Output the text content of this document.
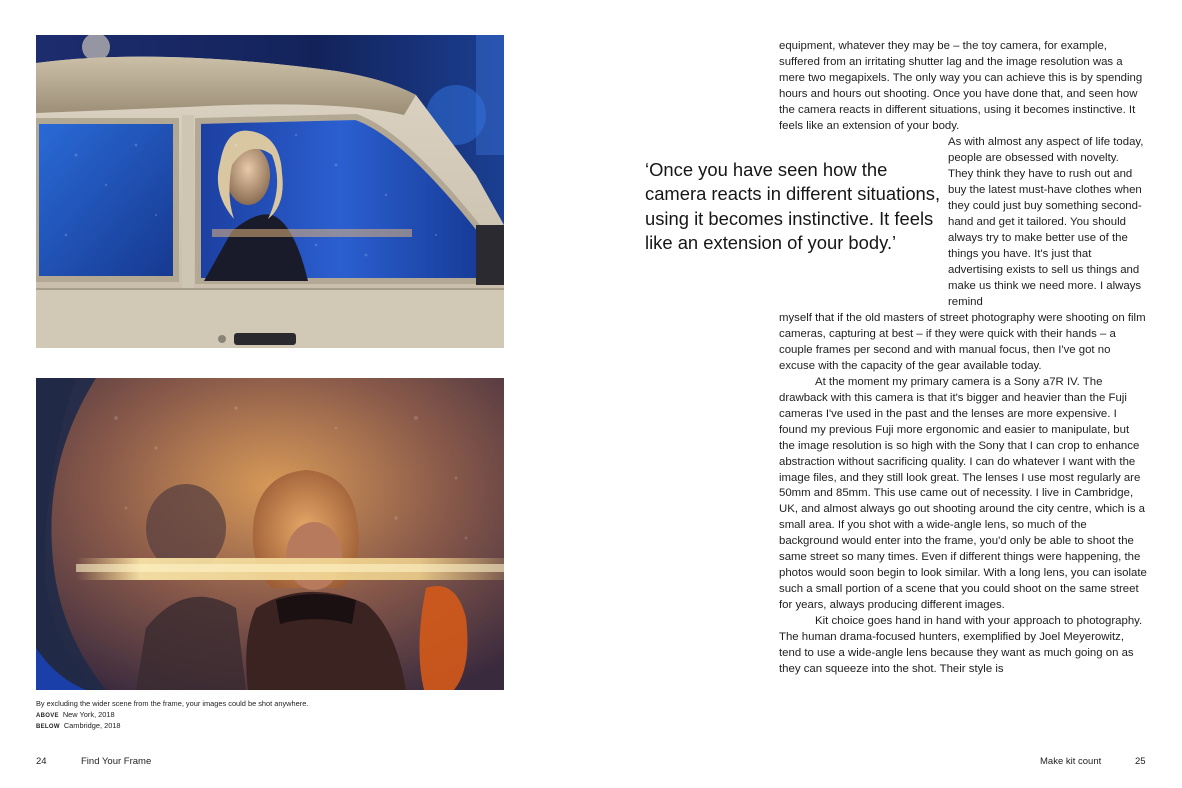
By excluding the wider scene from the frame, your images could be shot anywhere.
ABOVE New York, 2018
BELOW Cambridge, 2018
24	Find Your Frame	Make kit count	25
‘Once you have seen how the camera reacts in different situations, using it becomes instinctive. It feels like an extension of your body.’

equipment, whatever they may be – the toy camera, for example, suffered from an irritating shutter lag and the image resolution was a mere two megapixels. The only way you can achieve this is by spending hours and hours out shooting. Once you have done that, and seen how the camera reacts in different situations, using it becomes instinctive. It feels like an extension of your body.

As with almost any aspect of life today, people are obsessed with novelty. They think they have to rush out and buy the latest must-have clothes when they could just buy something second-hand and get it tailored. You should always try to make better use of the things you have. It's just that advertising exists to sell us things and make us think we need more. I always remind

myself that if the old masters of street photography were shooting on film cameras, capturing at best – if they were quick with their hands – a couple frames per second and with manual focus, then I've got no excuse with the capacity of the gear available today.

At the moment my primary camera is a Sony a7R IV. The drawback with this camera is that it's bigger and heavier than the Fuji cameras I've used in the past and the lenses are more expensive. I found my previous Fuji more ergonomic and easier to manipulate, but the image resolution is so high with the Sony that I can crop to enhance abstraction without sacrificing quality. I can do whatever I want with the image files, and they still look great. The lenses I use most regularly are 50mm and 85mm. This use came out of necessity. I live in Cambridge, UK, and almost always go out shooting around the city centre, which is a small area. If you shot with a wide-angle lens, so much of the background would enter into the frame, you'd only be able to shoot the same street so many times. Even if different things were happening, the photos would soon begin to look similar. With a long lens, you can isolate such a small portion of a scene that you could shoot on the same street for years, always producing different images.

Kit choice goes hand in hand with your approach to photography. The human drama-focused hunters, exemplified by Joel Meyerowitz, tend to use a wide-angle lens because they want as much going on as they can squeeze into the shot. Their style is
